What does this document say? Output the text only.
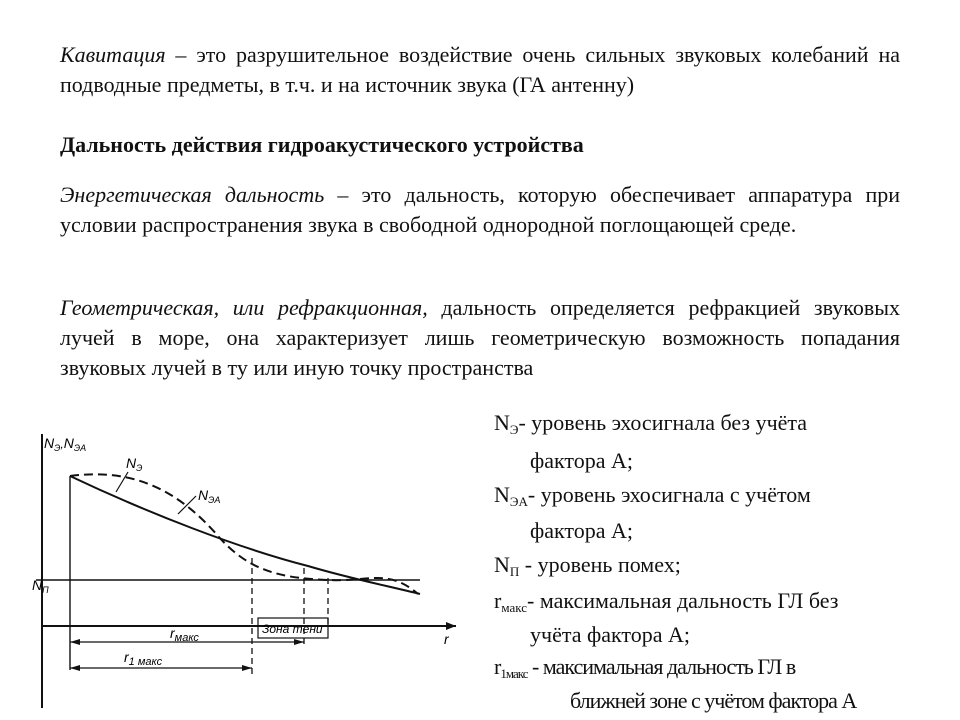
Кавитация – это разрушительное воздействие очень сильных звуковых колебаний на подводные предметы, в т.ч. и на источник звука (ГА антенну)
Дальность действия гидроакустического устройства
Энергетическая дальность – это дальность, которую обеспечивает аппаратура при условии распространения звука в свободной однородной поглощающей среде.
Геометрическая, или рефракционная, дальность определяется рефракцией звуковых лучей в море, она характеризует лишь геометрическую возможность попадания звуковых лучей в ту или иную точку пространства
$N_Э-$ уровень эхосигнала без учёта
фактора А;
$N_{ЭА}-$ уровень эхосигнала с учётом
фактора А;
$N_П$ - уровень помех;
$r_{макс}-$ максимальная дальность ГЛ без
учёта фактора А;
$r_{1макс}$ - максимальная дальность ГЛ в
ближней зоне с учётом фактора А
$N_Э,N_{ЭА}$
$N_П$
$N_Э$
$N_{ЭА}$
$r_{макс}$
Зона тени
$r_{1 макс}$
r
